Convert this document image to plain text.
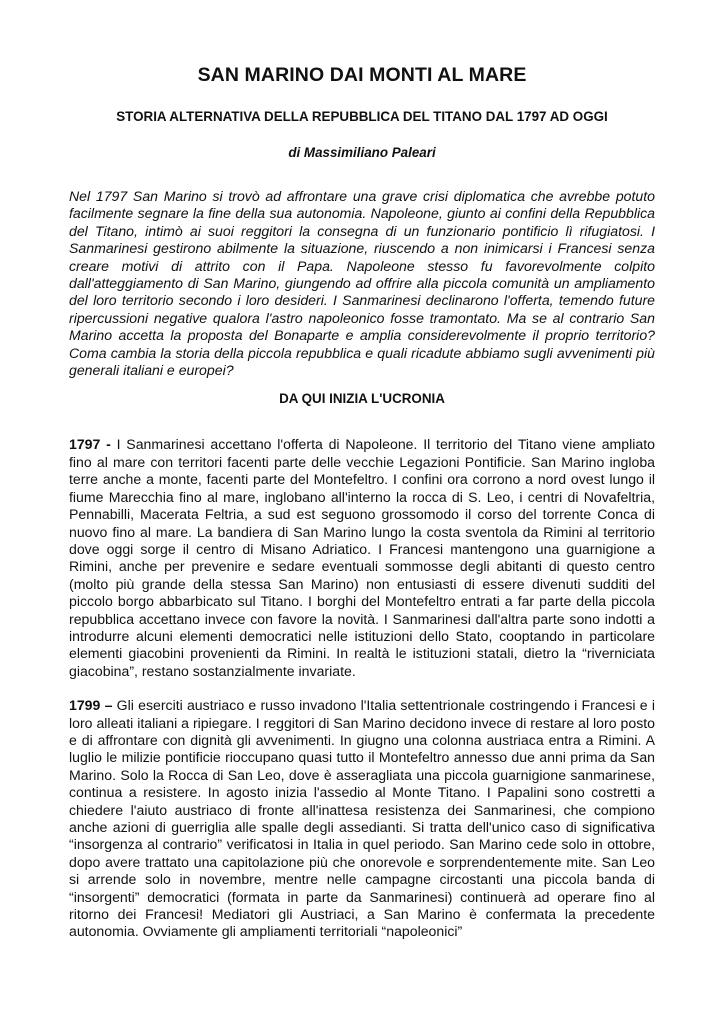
SAN MARINO DAI MONTI AL MARE
STORIA ALTERNATIVA DELLA REPUBBLICA DEL TITANO DAL 1797 AD OGGI

di Massimiliano Paleari

Nel 1797 San Marino si trovò ad affrontare una grave crisi diplomatica che avrebbe potuto facilmente segnare la fine della sua autonomia. Napoleone, giunto ai confini della Repubblica del Titano, intimò ai suoi reggitori la consegna di un funzionario pontificio lì rifugiatosi. I Sanmarinesi gestirono abilmente la situazione, riuscendo a non inimicarsi i Francesi senza creare motivi di attrito con il Papa. Napoleone stesso fu favorevolmente colpito dall'atteggiamento di San Marino, giungendo ad offrire alla piccola comunità un ampliamento del loro territorio secondo i loro desideri. I Sanmarinesi declinarono l'offerta, temendo future ripercussioni negative qualora l'astro napoleonico fosse tramontato. Ma se al contrario San Marino accetta la proposta del Bonaparte e amplia considerevolmente il proprio territorio? Coma cambia la storia della piccola repubblica e quali ricadute abbiamo sugli avvenimenti più generali italiani e europei?

DA QUI INIZIA L'UCRONIA

1797 - I Sanmarinesi accettano l'offerta di Napoleone. Il territorio del Titano viene ampliato fino al mare con territori facenti parte delle vecchie Legazioni Pontificie. San Marino ingloba terre anche a monte, facenti parte del Montefeltro. I confini ora corrono a nord ovest lungo il fiume Marecchia fino al mare, inglobano all'interno la rocca di S. Leo, i centri di Novafeltria, Pennabilli, Macerata Feltria, a sud est seguono grossomodo il corso del torrente Conca di nuovo fino al mare. La bandiera di San Marino lungo la costa sventola da Rimini al territorio dove oggi sorge il centro di Misano Adriatico. I Francesi mantengono una guarnigione a Rimini, anche per prevenire e sedare eventuali sommosse degli abitanti di questo centro (molto più grande della stessa San Marino) non entusiasti di essere divenuti sudditi del piccolo borgo abbarbicato sul Titano. I borghi del Montefeltro entrati a far parte della piccola repubblica accettano invece con favore la novità. I Sanmarinesi dall'altra parte sono indotti a introdurre alcuni elementi democratici nelle istituzioni dello Stato, cooptando in particolare elementi giacobini provenienti da Rimini. In realtà le istituzioni statali, dietro la “riverniciata giacobina”, restano sostanzialmente invariate.

1799 – Gli eserciti austriaco e russo invadono l'Italia settentrionale costringendo i Francesi e i loro alleati italiani a ripiegare. I reggitori di San Marino decidono invece di restare al loro posto e di affrontare con dignità gli avvenimenti. In giugno una colonna austriaca entra a Rimini. A luglio le milizie pontificie rioccupano quasi tutto il Montefeltro annesso due anni prima da San Marino. Solo la Rocca di San Leo, dove è asseragliata una piccola guarnigione sanmarinese, continua a resistere. In agosto inizia l'assedio al Monte Titano. I Papalini sono costretti a chiedere l'aiuto austriaco di fronte all'inattesa resistenza dei Sanmarinesi, che compiono anche azioni di guerriglia alle spalle degli assedianti. Si tratta dell'unico caso di significativa “insorgenza al contrario” verificatosi in Italia in quel periodo. San Marino cede solo in ottobre, dopo avere trattato una capitolazione più che onorevole e sorprendentemente mite. San Leo si arrende solo in novembre, mentre nelle campagne circostanti una piccola banda di “insorgenti” democratici (formata in parte da Sanmarinesi) continuerà ad operare fino al ritorno dei Francesi! Mediatori gli Austriaci, a San Marino è confermata la precedente autonomia. Ovviamente gli ampliamenti territoriali “napoleonici”
